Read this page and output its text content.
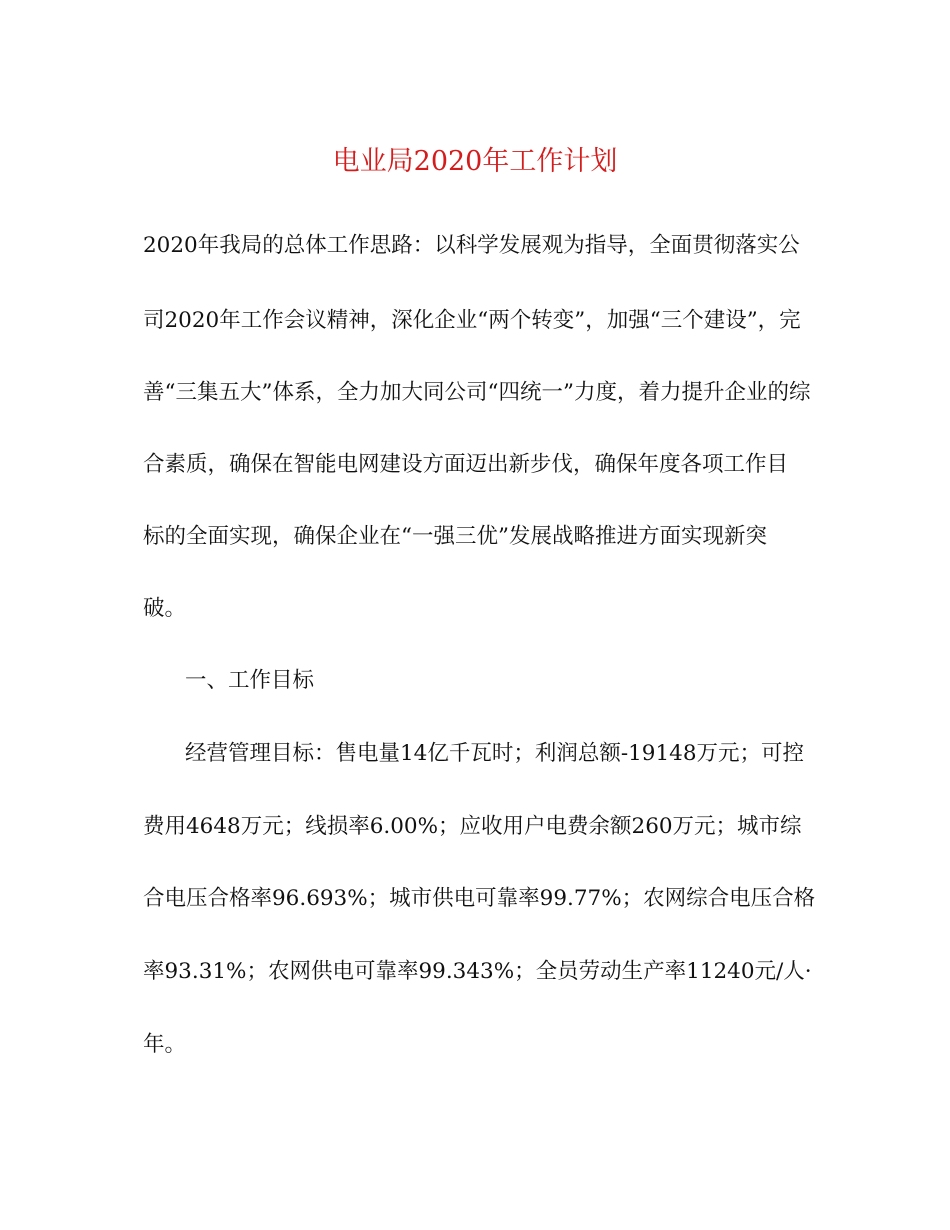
电业局2020年工作计划

2020年我局的总体工作思路：以科学发展观为指导，全面贯彻落实公

司2020年工作会议精神，深化企业“两个转变”，加强“三个建设”，完

善“三集五大”体系，全力加大同公司“四统一”力度，着力提升企业的综

合素质，确保在智能电网建设方面迈出新步伐，确保年度各项工作目

标的全面实现，确保企业在“一强三优”发展战略推进方面实现新突

破。

一、工作目标

经营管理目标：售电量14亿千瓦时；利润总额-19148万元；可控

费用4648万元；线损率6.00%；应收用户电费余额260万元；城市综

合电压合格率96.693%；城市供电可靠率99.77%；农网综合电压合格

率93.31%；农网供电可靠率99.343%；全员劳动生产率11240元/人·

年。
